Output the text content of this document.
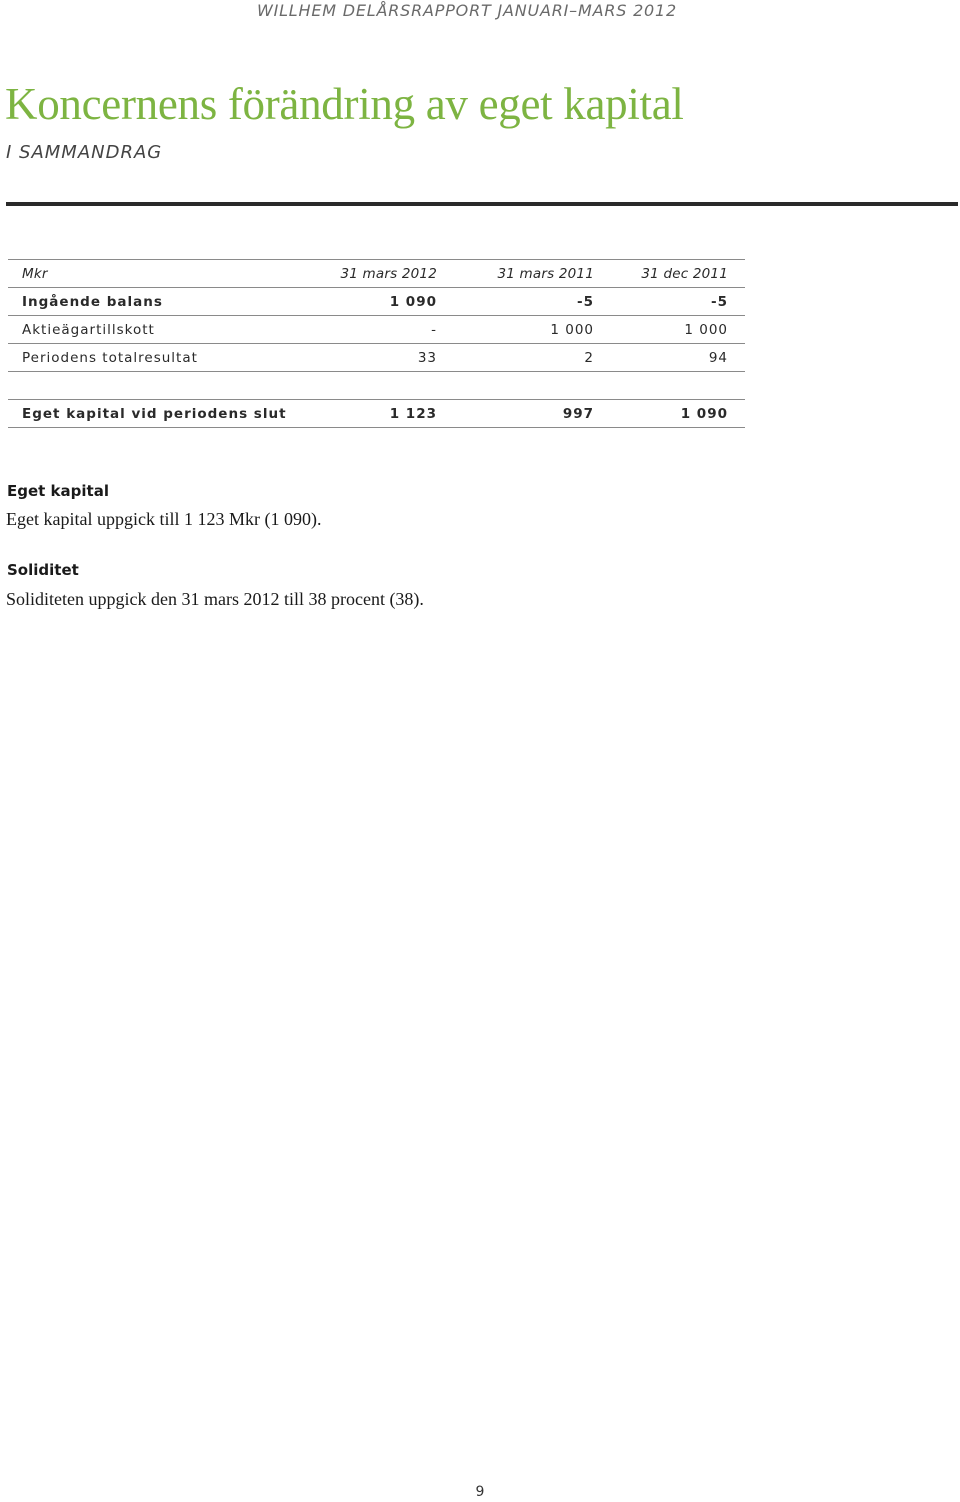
WILLHEM DELÅRSRAPPORT JANUARI–MARS 2012
Koncernens förändring av eget kapital
I SAMMANDRAG
Mkr	31 mars 2012	31 mars 2011	31 dec 2011
Ingående balans	1 090	-5	-5
Aktieägartillskott	-	1 000	1 000
Periodens totalresultat	33	2	94

Eget kapital vid periodens slut	1 123	997	1 090
Eget kapital
Eget kapital uppgick till 1 123 Mkr (1 090).
Soliditet
Soliditeten uppgick den 31 mars 2012 till 38 procent (38).
9
